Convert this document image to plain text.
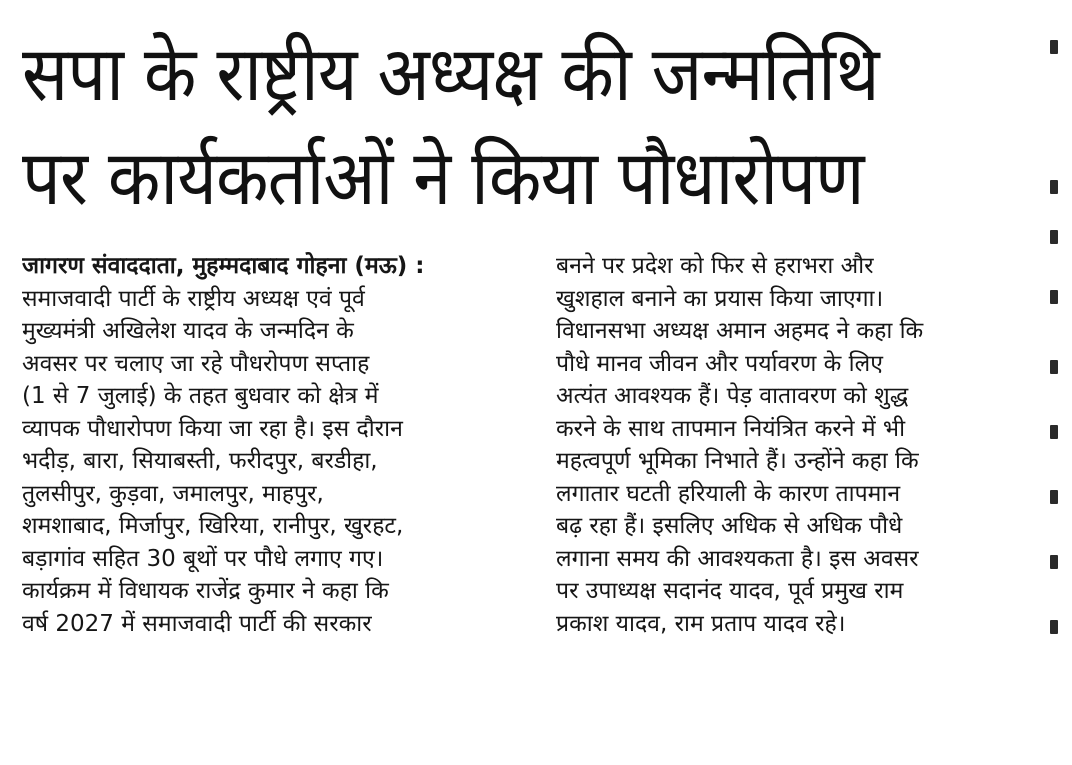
सपा के राष्ट्रीय अध्यक्ष की जन्मतिथि
पर कार्यकर्ताओं ने किया पौधारोपण
जागरण संवाददाता, मुहम्मदाबाद गोहना (मऊ) :
समाजवादी पार्टी के राष्ट्रीय अध्यक्ष एवं पूर्व
मुख्यमंत्री अखिलेश यादव के जन्मदिन के
अवसर पर चलाए जा रहे पौधरोपण सप्ताह
(1 से 7 जुलाई) के तहत बुधवार को क्षेत्र में
व्यापक पौधारोपण किया जा रहा है। इस दौरान
भदीड़, बारा, सियाबस्ती, फरीदपुर, बरडीहा,
तुलसीपुर, कुड़वा, जमालपुर, माहपुर,
शमशाबाद, मिर्जापुर, खिरिया, रानीपुर, खुरहट,
बड़ागांव सहित 30 बूथों पर पौधे लगाए गए।
कार्यक्रम में विधायक राजेंद्र कुमार ने कहा कि
वर्ष 2027 में समाजवादी पार्टी की सरकार
बनने पर प्रदेश को फिर से हराभरा और
खुशहाल बनाने का प्रयास किया जाएगा।
विधानसभा अध्यक्ष अमान अहमद ने कहा कि
पौधे मानव जीवन और पर्यावरण के लिए
अत्यंत आवश्यक हैं। पेड़ वातावरण को शुद्ध
करने के साथ तापमान नियंत्रित करने में भी
महत्वपूर्ण भूमिका निभाते हैं। उन्होंने कहा कि
लगातार घटती हरियाली के कारण तापमान
बढ़ रहा हैं। इसलिए अधिक से अधिक पौधे
लगाना समय की आवश्यकता है। इस अवसर
पर उपाध्यक्ष सदानंद यादव, पूर्व प्रमुख राम
प्रकाश यादव, राम प्रताप यादव रहे।
